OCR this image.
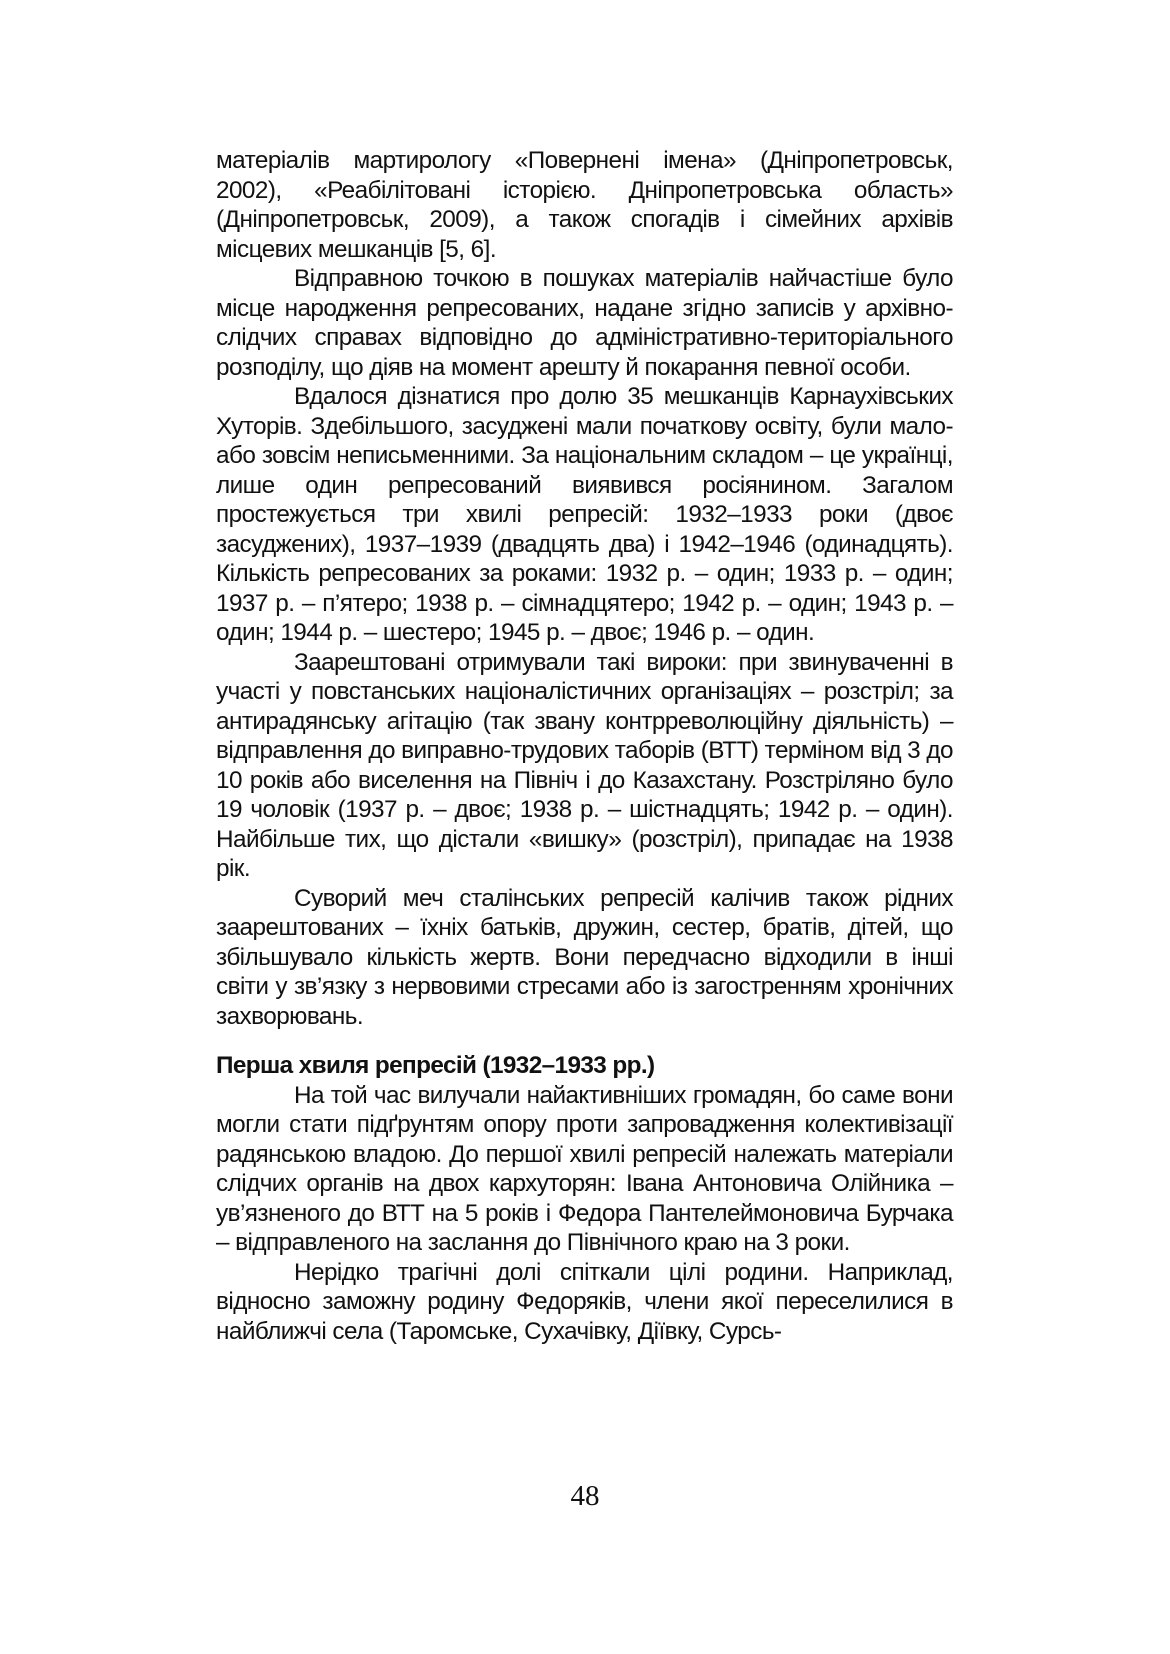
матеріалів мартирологу «Повернені імена» (Дніпропетровськ, 2002), «Реабілітовані історією. Дніпропетровська область» (Дніпропетровськ, 2009), а також спогадів і сімейних архівів місцевих мешканців [5, 6].

Відправною точкою в пошуках матеріалів найчастіше було місце народження репресованих, надане згідно записів у архівно-слідчих справах відповідно до адміністративно-територіального розподілу, що діяв на момент арешту й покарання певної особи.

Вдалося дізнатися про долю 35 мешканців Карнаухівських Хуторів. Здебільшого, засуджені мали початкову освіту, були мало- або зовсім неписьменними. За національним складом – це українці, лише один репресований виявився росіянином. Загалом простежується три хвилі репресій: 1932–1933 роки (двоє засуджених), 1937–1939 (двадцять два) і 1942–1946 (одинадцять). Кількість репресованих за роками: 1932 р. – один; 1933 р. – один; 1937 р. – п’ятеро; 1938 р. – сімнадцятеро; 1942 р. – один; 1943 р. – один; 1944 р. – шестеро; 1945 р. – двоє; 1946 р. – один.

Заарештовані отримували такі вироки: при звинуваченні в участі у повстанських націоналістичних організаціях – розстріл; за антирадянську агітацію (так звану контрреволюційну діяльність) – відправлення до виправно-трудових таборів (ВТТ) терміном від 3 до 10 років або виселення на Північ і до Казахстану. Розстріляно було 19 чоловік (1937 р. – двоє; 1938 р. – шістнадцять; 1942 р. – один). Найбільше тих, що дістали «вишку» (розстріл), припадає на 1938 рік.

Суворий меч сталінських репресій калічив також рідних заарештованих – їхніх батьків, дружин, сестер, братів, дітей, що збільшувало кількість жертв. Вони передчасно відходили в інші світи у зв’язку з нервовими стресами або із загостренням хронічних захворювань.

Перша хвиля репресій (1932–1933 рр.)

На той час вилучали найактивніших громадян, бо саме вони могли стати підґрунтям опору проти запровадження колективізації радянською владою. До першої хвилі репресій належать матеріали слідчих органів на двох кархуторян: Івана Антоновича Олійника – ув’язненого до ВТТ на 5 років і Федора Пантелеймоновича Бурчака – відправленого на заслання до Північного краю на 3 роки.

Нерідко трагічні долі спіткали цілі родини. Наприклад, відносно заможну родину Федоряків, члени якої переселилися в найближчі села (Таромське, Сухачівку, Діївку, Сурсь-

48
